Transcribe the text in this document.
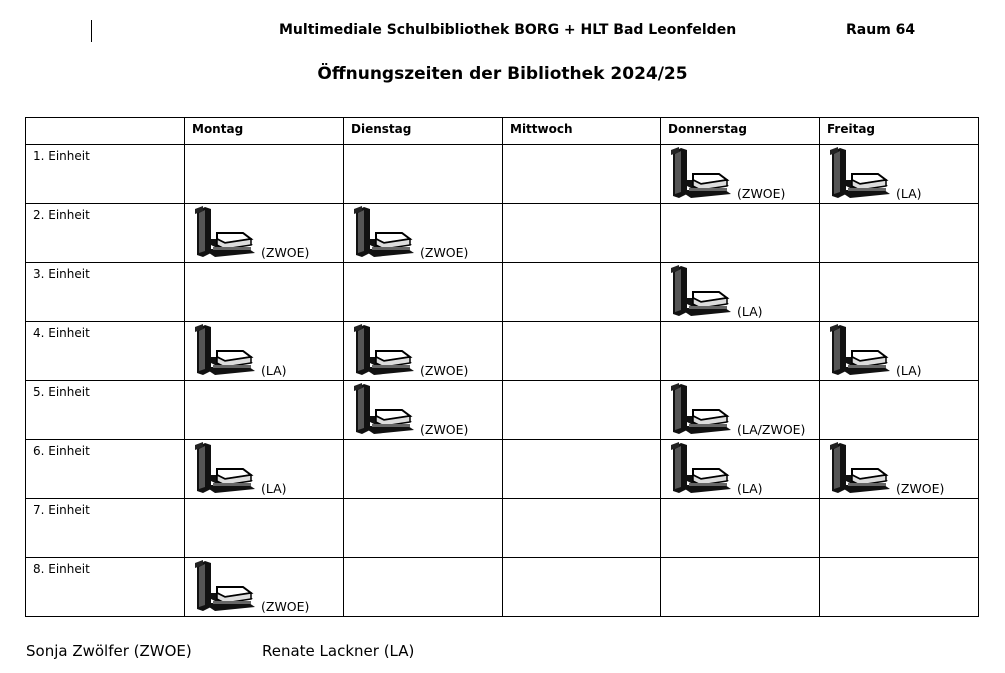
Multimediale Schulbibliothek BORG + HLT Bad Leonfelden	Raum 64
Öffnungszeiten der Bibliothek 2024/25
	Montag	Dienstag	Mittwoch	Donnerstag	Freitag

1. Einheit				(ZWOE)	(LA)

2. Einheit	(ZWOE)	(ZWOE)			

3. Einheit				(LA)	

4. Einheit	(LA)	(ZWOE)			(LA)

5. Einheit		(ZWOE)		(LA/ZWOE)	

6. Einheit	(LA)			(LA)	(ZWOE)

7. Einheit					

8. Einheit	(ZWOE)				

Sonja Zwölfer (ZWOE)	Renate Lackner (LA)
